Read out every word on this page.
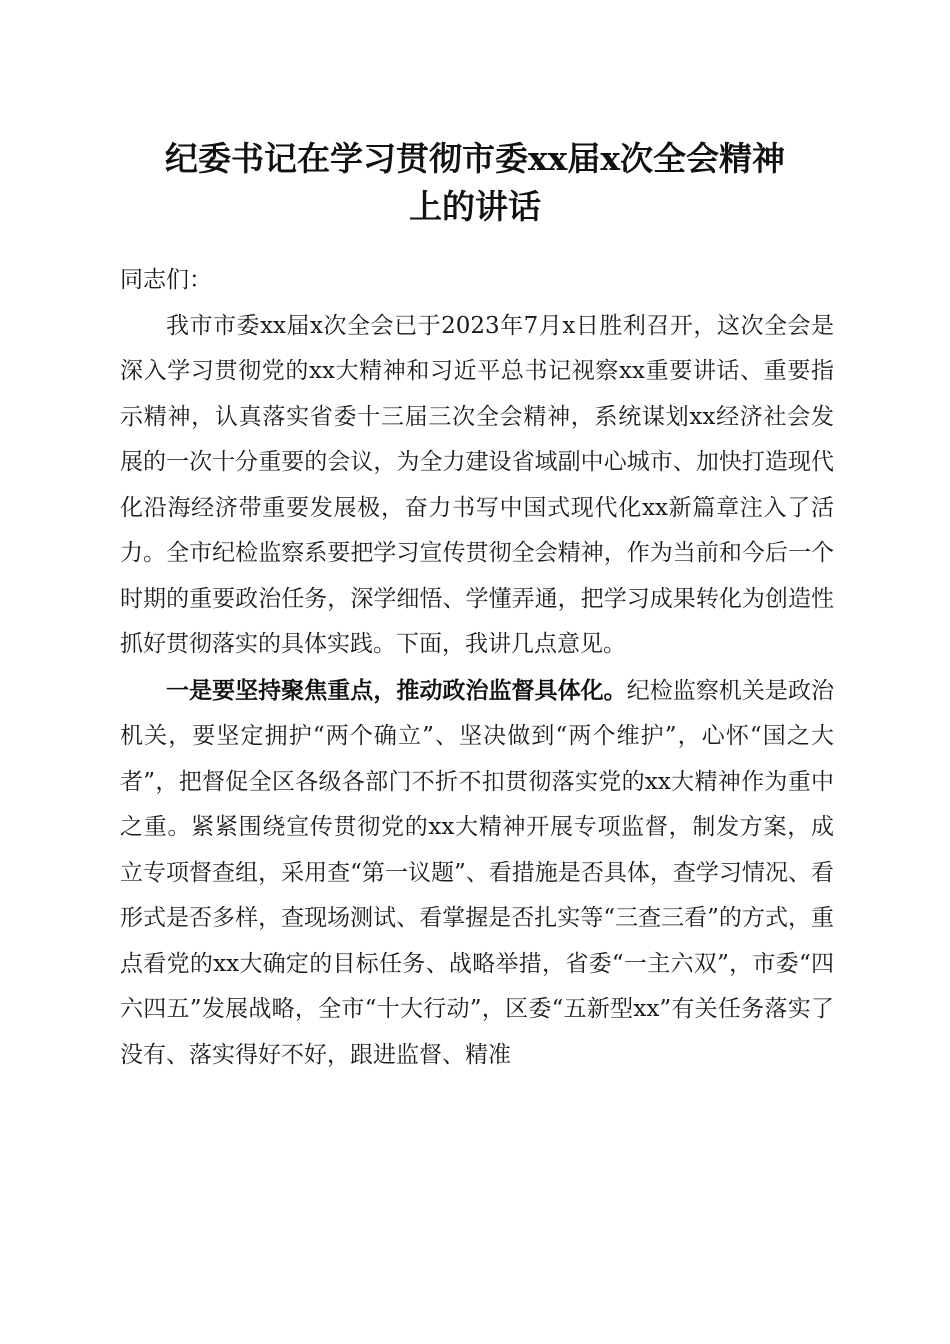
纪委书记在学习贯彻市委xx届x次全会精神
上的讲话

同志们：

我市市委xx届x次全会已于2023年7月x日胜利召开，这次全会是深入学习贯彻党的xx大精神和习近平总书记视察xx重要讲话、重要指示精神，认真落实省委十三届三次全会精神，系统谋划xx经济社会发展的一次十分重要的会议，为全力建设省域副中心城市、加快打造现代化沿海经济带重要发展极，奋力书写中国式现代化xx新篇章注入了活力。全市纪检监察系要把学习宣传贯彻全会精神，作为当前和今后一个时期的重要政治任务，深学细悟、学懂弄通，把学习成果转化为创造性抓好贯彻落实的具体实践。下面，我讲几点意见。

一是要坚持聚焦重点，推动政治监督具体化。纪检监察机关是政治机关，要坚定拥护“两个确立”、坚决做到“两个维护”，心怀“国之大者”，把督促全区各级各部门不折不扣贯彻落实党的xx大精神作为重中之重。紧紧围绕宣传贯彻党的xx大精神开展专项监督，制发方案，成立专项督查组，采用查“第一议题”、看措施是否具体，查学习情况、看形式是否多样，查现场测试、看掌握是否扎实等“三查三看”的方式，重点看党的xx大确定的目标任务、战略举措，省委“一主六双”，市委“四六四五”发展战略，全市“十大行动”，区委“五新型xx”有关任务落实了没有、落实得好不好，跟进监督、精准
